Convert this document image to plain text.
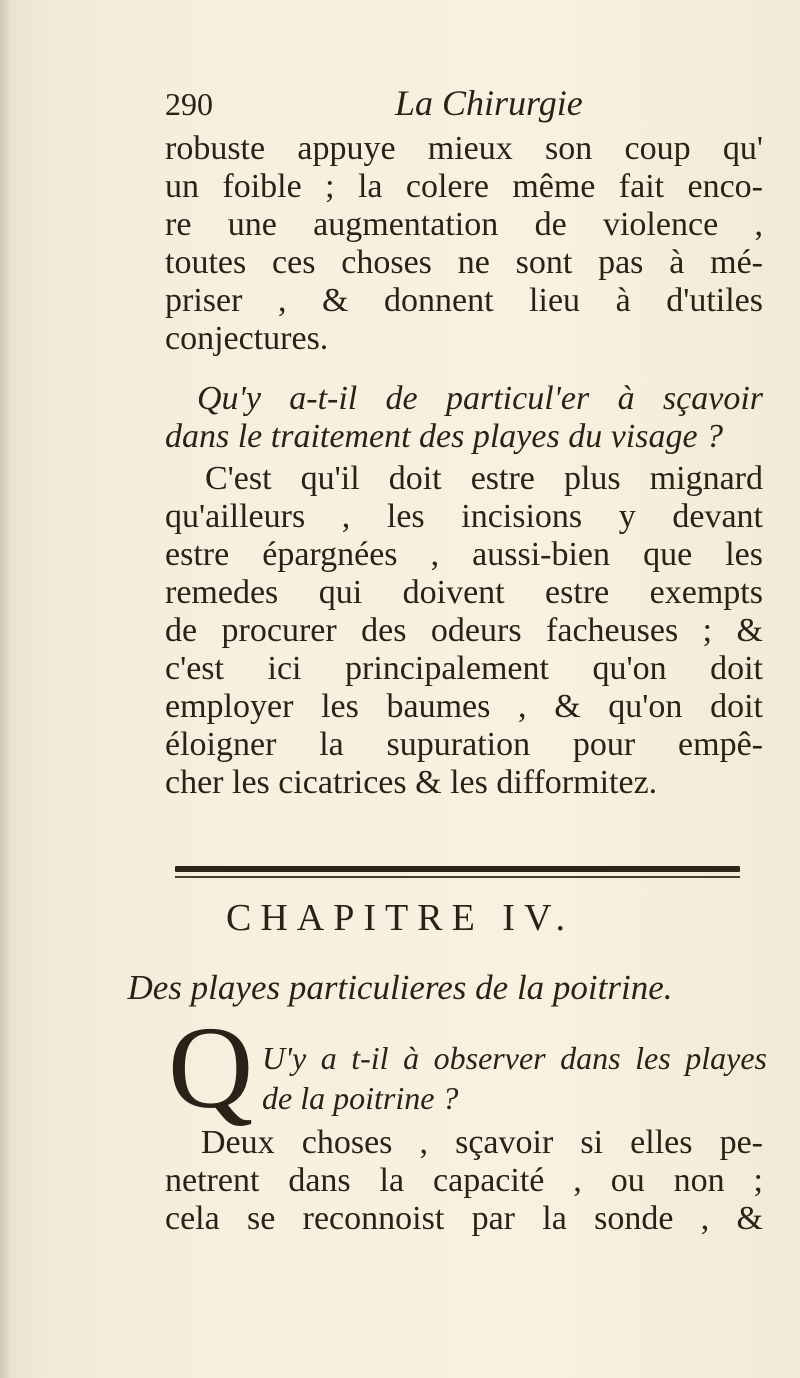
290	La Chirurgie
robuste appuye mieux son coup qu'
un foible ; la colere même fait enco-
re une augmentation de violence ,
toutes ces choses ne sont pas à mé-
priser , & donnent lieu à d'utiles
conjectures.
Qu'y a-t-il de particul'er à sçavoir
dans le traitement des playes du visage ?
C'est qu'il doit estre plus mignard
qu'ailleurs , les incisions y devant
estre épargnées , aussi-bien que les
remedes qui doivent estre exempts
de procurer des odeurs facheuses ; &
c'est ici principalement qu'on doit
employer les baumes , & qu'on doit
éloigner la supuration pour empê-
cher les cicatrices & les difformitez.
CHAPITRE IV.
Des playes particulieres de la poitrine.
Q U'y a t-il à observer dans les playes
de la poitrine ?
Deux choses , sçavoir si elles pe-
netrent dans la capacité , ou non ;
cela se reconnoist par la sonde , &
